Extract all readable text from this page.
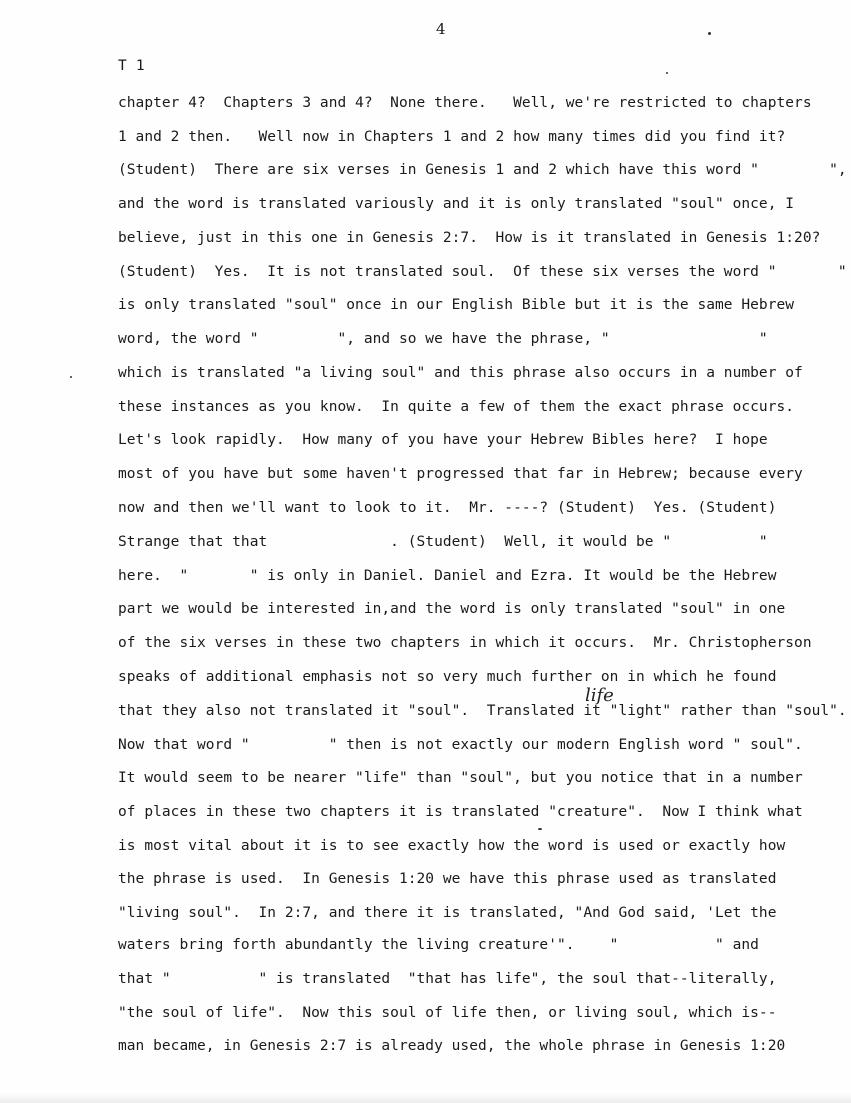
4
T 1
life
chapter 4?  Chapters 3 and 4?  None there.   Well, we're restricted to chapters
1 and 2 then.   Well now in Chapters 1 and 2 how many times did you find it?
(Student)  There are six verses in Genesis 1 and 2 which have this word "        ",
and the word is translated variously and it is only translated "soul" once, I
believe, just in this one in Genesis 2:7.  How is it translated in Genesis 1:20?
(Student)  Yes.  It is not translated soul.  Of these six verses the word "       "
is only translated "soul" once in our English Bible but it is the same Hebrew
word, the word "         ", and so we have the phrase, "                 "
which is translated "a living soul" and this phrase also occurs in a number of
these instances as you know.  In quite a few of them the exact phrase occurs.
Let's look rapidly.  How many of you have your Hebrew Bibles here?  I hope
most of you have but some haven't progressed that far in Hebrew; because every
now and then we'll want to look to it.  Mr. ----? (Student)  Yes. (Student)
Strange that that              . (Student)  Well, it would be "          "
here.  "       " is only in Daniel. Daniel and Ezra. It would be the Hebrew
part we would be interested in,and the word is only translated "soul" in one
of the six verses in these two chapters in which it occurs.  Mr. Christopherson
speaks of additional emphasis not so very much further on in which he found
that they also not translated it "soul".  Translated it "light" rather than "soul".
Now that word "         " then is not exactly our modern English word " soul".
It would seem to be nearer "life" than "soul", but you notice that in a number
of places in these two chapters it is translated "creature".  Now I think what
is most vital about it is to see exactly how the word is used or exactly how
the phrase is used.  In Genesis 1:20 we have this phrase used as translated
"living soul".  In 2:7, and there it is translated, "And God said, 'Let the
waters bring forth abundantly the living creature'".    "           " and
that "          " is translated  "that has life", the soul that--literally,
"the soul of life".  Now this soul of life then, or living soul, which is--
man became, in Genesis 2:7 is already used, the whole phrase in Genesis 1:20
